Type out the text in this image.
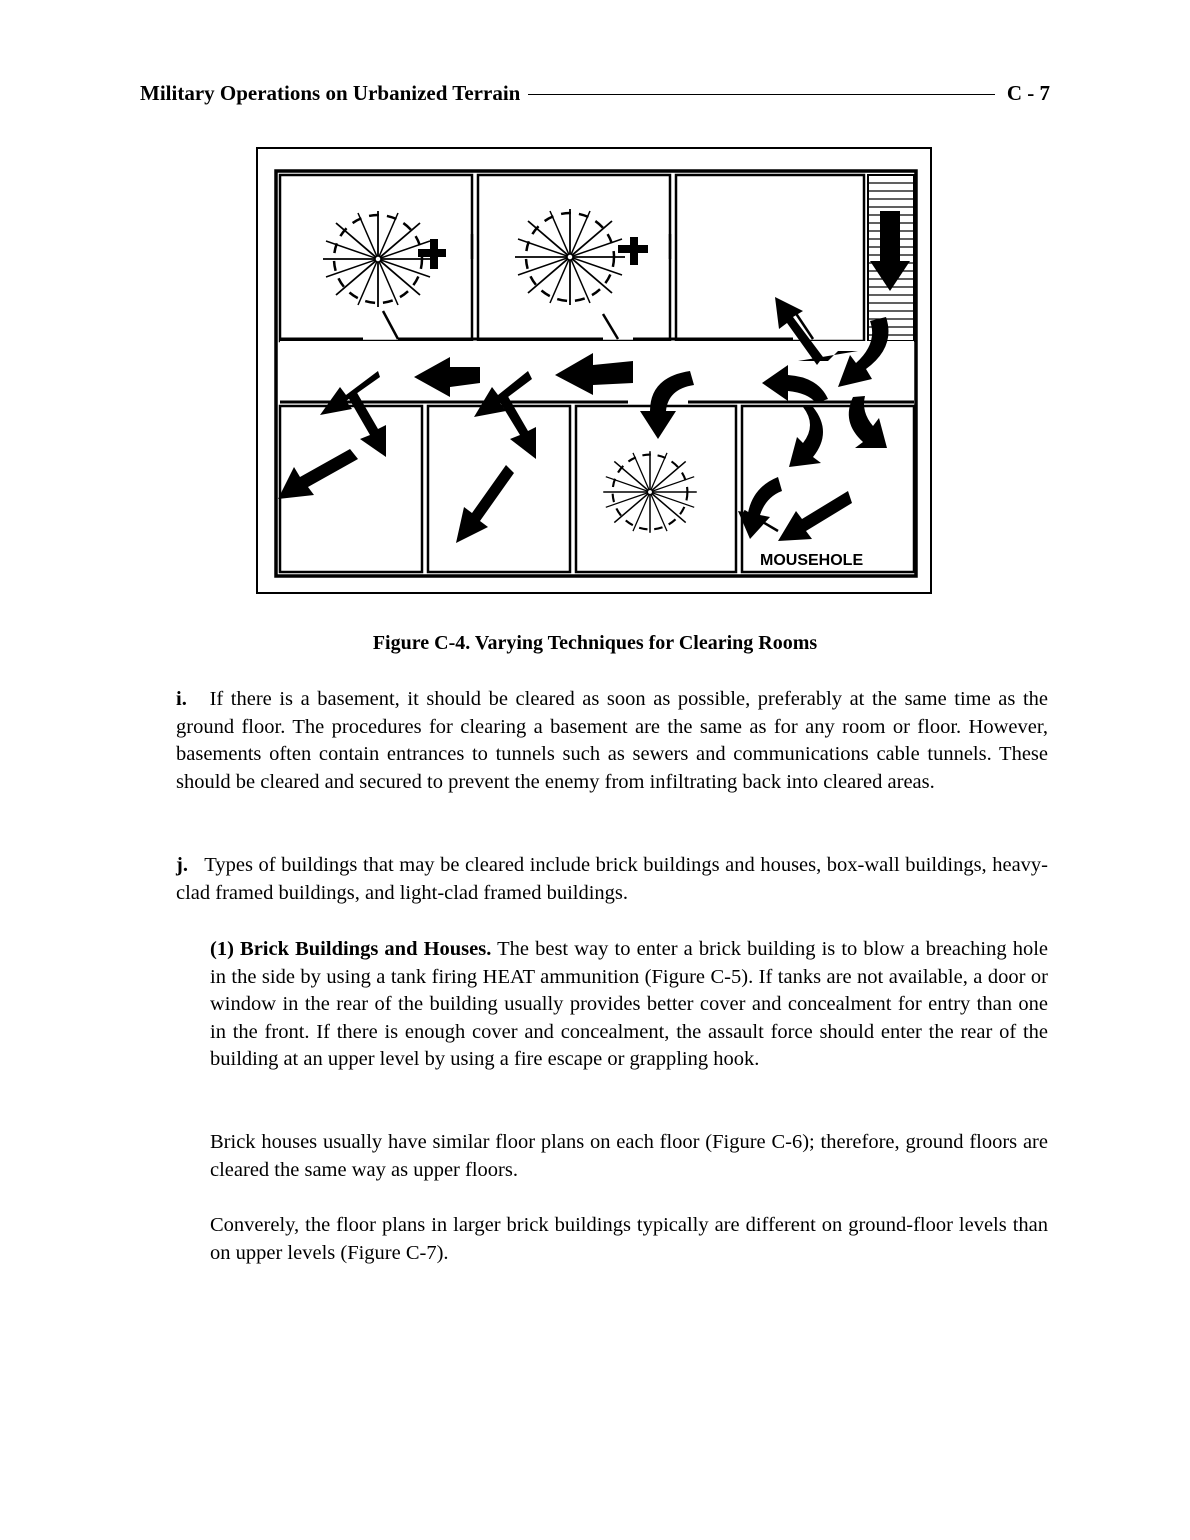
Military Operations on Urbanized Terrain	C - 7
MOUSEHOLE
Figure C-4. Varying Techniques for Clearing Rooms

i. If there is a basement, it should be cleared as soon as possible, preferably at the same time as the ground floor. The procedures for clearing a basement are the same as for any room or floor. However, basements often contain entrances to tunnels such as sewers and communications cable tunnels. These should be cleared and secured to prevent the enemy from infiltrating back into cleared areas.

j. Types of buildings that may be cleared include brick buildings and houses, box-wall buildings, heavy-clad framed buildings, and light-clad framed buildings.

(1) Brick Buildings and Houses. The best way to enter a brick building is to blow a breaching hole in the side by using a tank firing HEAT ammunition (Figure C-5). If tanks are not available, a door or window in the rear of the building usually provides better cover and concealment for entry than one in the front. If there is enough cover and concealment, the assault force should enter the rear of the building at an upper level by using a fire escape or grappling hook.

Brick houses usually have similar floor plans on each floor (Figure C-6); therefore, ground floors are cleared the same way as upper floors.

Converely, the floor plans in larger brick buildings typically are different on ground-floor levels than on upper levels (Figure C-7).
